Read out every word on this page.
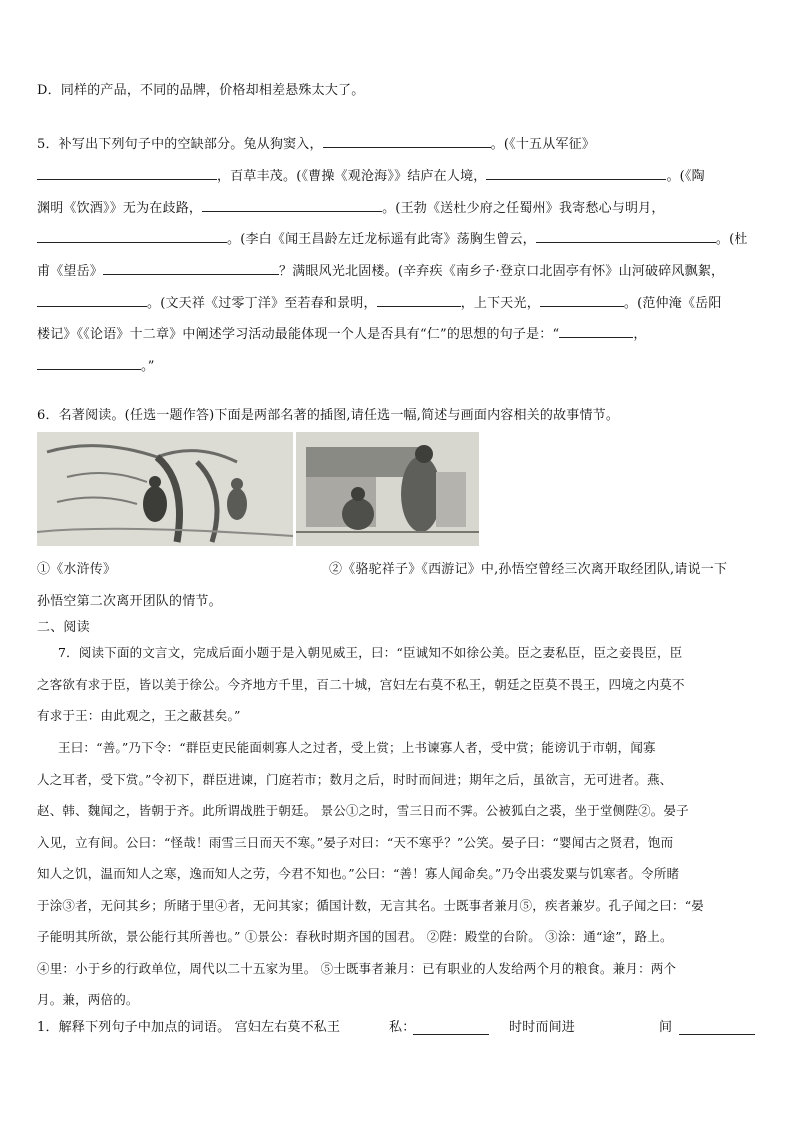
D．同样的产品，不同的品牌，价格却相差悬殊太大了。
5．补写出下列句子中的空缺部分。兔从狗窦入，	。(《十五从军征》
，百草丰茂。(《曹操《观沧海》》结庐在人境，	。(《陶
渊明《饮酒》》无为在歧路，	。(王勃《送杜少府之任蜀州》我寄愁心与明月，
。(李白《闻王昌龄左迁龙标遥有此寄》荡胸生曾云，	。(杜
甫《望岳》	？满眼风光北固楼。(辛弃疾《南乡子·登京口北固亭有怀》山河破碎风飘絮，
。(文天祥《过零丁洋》至若春和景明，	，上下天光，	。(范仲淹《岳阳
楼记》《《论语》十二章》中阐述学习活动最能体现一个人是否具有“仁”的思想的句子是：“	，
。”
6．名著阅读。(任选一题作答)下面是两部名著的插图,请任选一幅,简述与画面内容相关的故事情节。
①《水浒传》	②《骆驼祥子》《西游记》中,孙悟空曾经三次离开取经团队,请说一下
孙悟空第二次离开团队的情节。
二、阅读
7．阅读下面的文言文，完成后面小题于是入朝见威王，曰：“臣诚知不如徐公美。臣之妻私臣，臣之妾畏臣，臣
之客欲有求于臣，皆以美于徐公。今齐地方千里，百二十城，宫妇左右莫不私王，朝廷之臣莫不畏王，四境之内莫不
有求于王：由此观之，王之蔽甚矣。”
王曰：“善。”乃下令：“群臣吏民能面刺寡人之过者，受上赏；上书谏寡人者，受中赏；能谤讥于市朝，闻寡
人之耳者，受下赏。”令初下，群臣进谏，门庭若市；数月之后，时时而间进；期年之后，虽欲言，无可进者。燕、
赵、韩、魏闻之，皆朝于齐。此所谓战胜于朝廷。 景公①之时，雪三日而不霁。公被狐白之裘，坐于堂侧陛②。晏子
入见，立有间。公曰：“怪哉！雨雪三日而天不寒。”晏子对曰：“天不寒乎？”公笑。晏子曰：“婴闻古之贤君，饱而
知人之饥，温而知人之寒，逸而知人之劳，今君不知也。”公曰：“善！寡人闻命矣。”乃令出裘发粟与饥寒者。令所睹
于涂③者，无问其乡；所睹于里④者，无问其家；循国计数，无言其名。士既事者兼月⑤，疾者兼岁。孔子闻之曰：“晏
子能明其所欲，景公能行其所善也。” ①景公：春秋时期齐国的国君。 ②陛：殿堂的台阶。 ③涂：通“途”，路上。
④里：小于乡的行政单位，周代以二十五家为里。 ⑤士既事者兼月：已有职业的人发给两个月的粮食。兼月：两个
月。兼，两倍的。
1．解释下列句子中加点的词语。 宫妇左右莫不私王	私：	时时而间进	间
